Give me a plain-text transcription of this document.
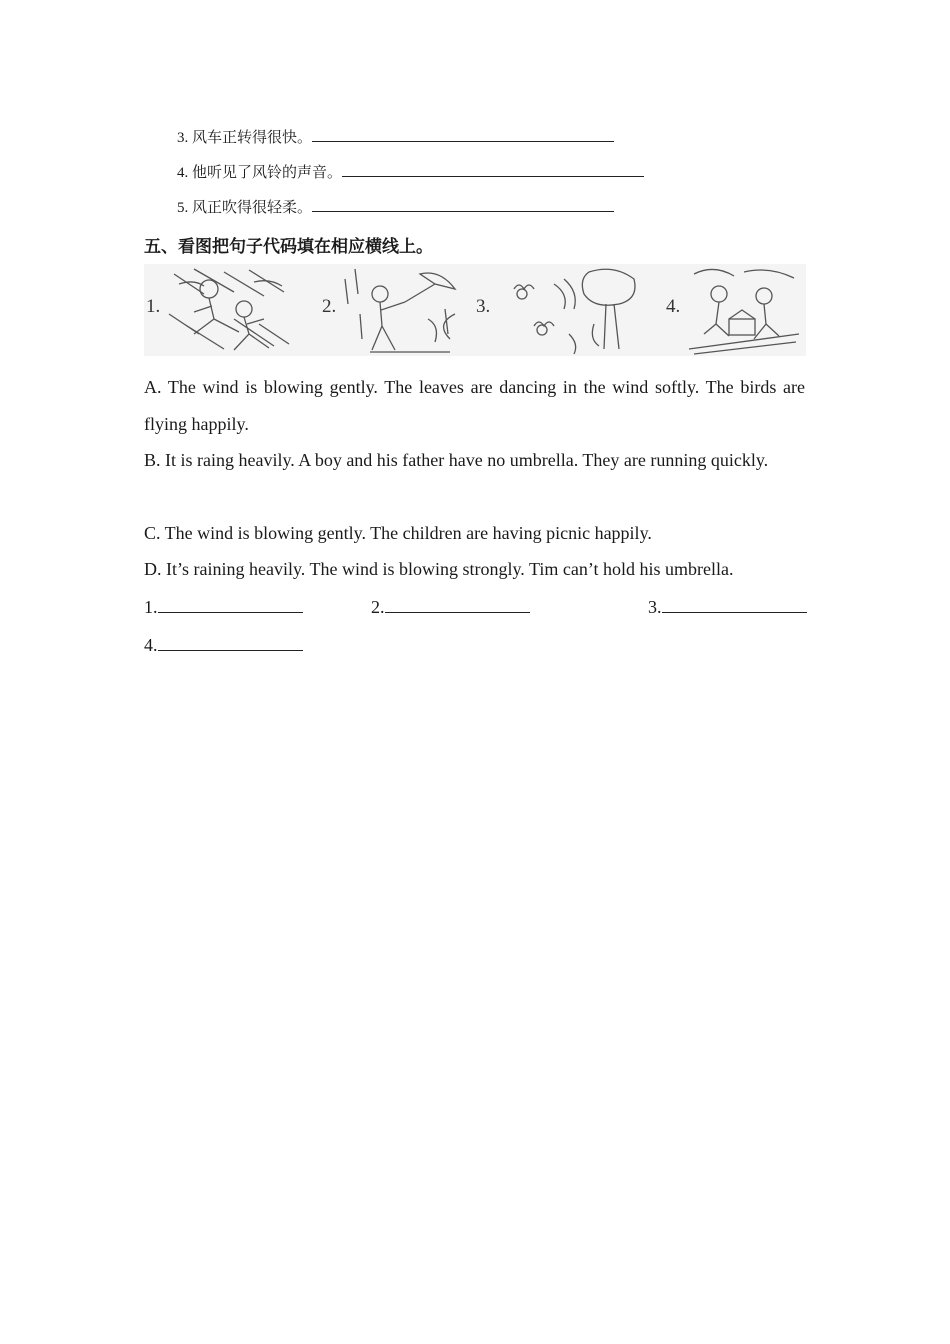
3. 风车正转得很快。
4. 他听见了风铃的声音。
5. 风正吹得很轻柔。
五、看图把句子代码填在相应横线上。
1.	2.	3.	4.
A. The wind is blowing gently. The leaves are dancing in the wind softly. The birds are flying happily.
B. It is raing heavily. A boy and his father have no umbrella. They are running quickly.
C. The wind is blowing gently. The children are having picnic happily.
D. It’s raining heavily. The wind is blowing strongly. Tim can’t hold his umbrella.
1.	2.	3.
4.
